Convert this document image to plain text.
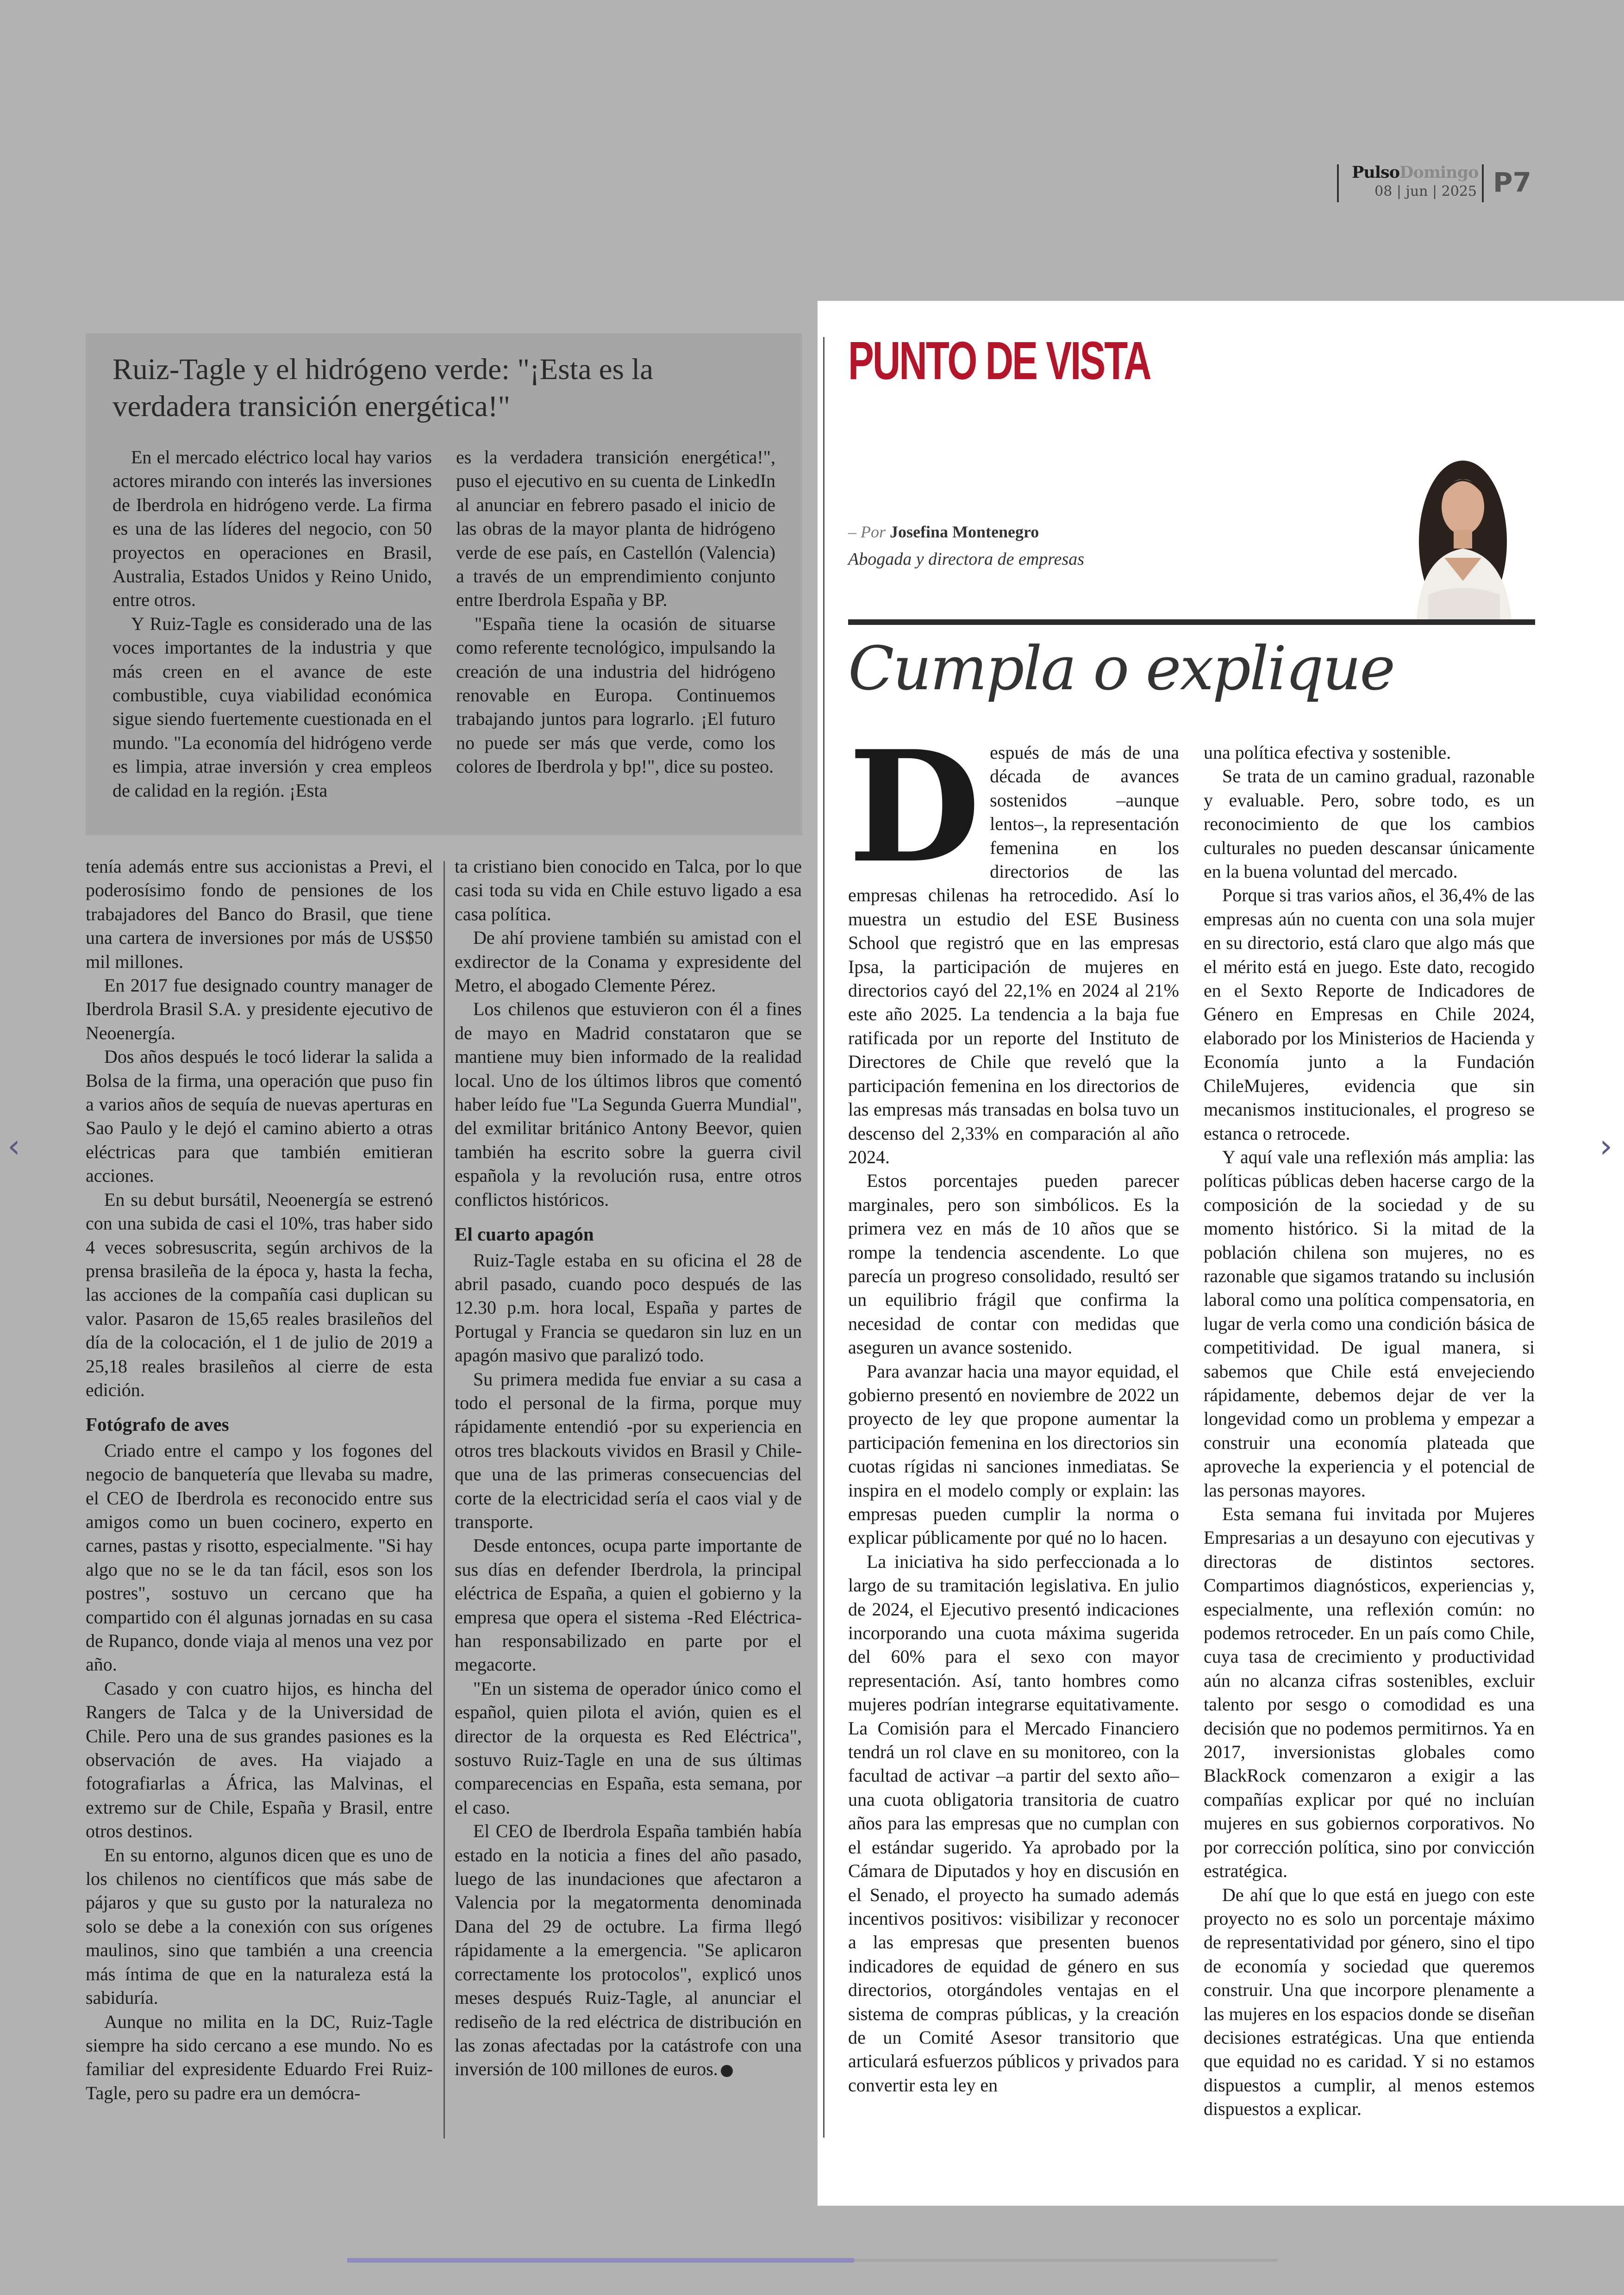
PulsoDomingo
08 | jun | 2025 P7
Ruiz-Tagle y el hidrógeno verde: "¡Esta es la verdadera transición energética!"

En el mercado eléctrico local hay varios actores mirando con interés las inversiones de Iberdrola en hidrógeno verde. La firma es una de las líderes del negocio, con 50 proyectos en operaciones en Brasil, Australia, Estados Unidos y Reino Unido, entre otros.

Y Ruiz-Tagle es considerado una de las voces importantes de la industria y que más creen en el avance de este combustible, cuya viabilidad económica sigue siendo fuertemente cuestionada en el mundo. "La economía del hidrógeno verde es limpia, atrae inversión y crea empleos de calidad en la región. ¡Esta

es la verdadera transición energética!", puso el ejecutivo en su cuenta de LinkedIn al anunciar en febrero pasado el inicio de las obras de la mayor planta de hidrógeno verde de ese país, en Castellón (Valencia) a través de un emprendimiento conjunto entre Iberdrola España y BP.

"España tiene la ocasión de situarse como referente tecnológico, impulsando la creación de una industria del hidrógeno renovable en Europa. Continuemos trabajando juntos para lograrlo. ¡El futuro no puede ser más que verde, como los colores de Iberdrola y bp!", dice su posteo.

tenía además entre sus accionistas a Previ, el poderosísimo fondo de pensiones de los trabajadores del Banco do Brasil, que tiene una cartera de inversiones por más de US$50 mil millones.

En 2017 fue designado country manager de Iberdrola Brasil S.A. y presidente ejecutivo de Neoenergía.

Dos años después le tocó liderar la salida a Bolsa de la firma, una operación que puso fin a varios años de sequía de nuevas aperturas en Sao Paulo y le dejó el camino abierto a otras eléctricas para que también emitieran acciones.

En su debut bursátil, Neoenergía se estrenó con una subida de casi el 10%, tras haber sido 4 veces sobresuscrita, según archivos de la prensa brasileña de la época y, hasta la fecha, las acciones de la compañía casi duplican su valor. Pasaron de 15,65 reales brasileños del día de la colocación, el 1 de julio de 2019 a 25,18 reales brasileños al cierre de esta edición.

Fotógrafo de aves

Criado entre el campo y los fogones del negocio de banquetería que llevaba su madre, el CEO de Iberdrola es reconocido entre sus amigos como un buen cocinero, experto en carnes, pastas y risotto, especialmente. "Si hay algo que no se le da tan fácil, esos son los postres", sostuvo un cercano que ha compartido con él algunas jornadas en su casa de Rupanco, donde viaja al menos una vez por año.

Casado y con cuatro hijos, es hincha del Rangers de Talca y de la Universidad de Chile. Pero una de sus grandes pasiones es la observación de aves. Ha viajado a fotografiarlas a África, las Malvinas, el extremo sur de Chile, España y Brasil, entre otros destinos.

En su entorno, algunos dicen que es uno de los chilenos no científicos que más sabe de pájaros y que su gusto por la naturaleza no solo se debe a la conexión con sus orígenes maulinos, sino que también a una creencia más íntima de que en la naturaleza está la sabiduría.

Aunque no milita en la DC, Ruiz-Tagle siempre ha sido cercano a ese mundo. No es familiar del expresidente Eduardo Frei Ruiz-Tagle, pero su padre era un demócra-

ta cristiano bien conocido en Talca, por lo que casi toda su vida en Chile estuvo ligado a esa casa política.

De ahí proviene también su amistad con el exdirector de la Conama y expresidente del Metro, el abogado Clemente Pérez.

Los chilenos que estuvieron con él a fines de mayo en Madrid constataron que se mantiene muy bien informado de la realidad local. Uno de los últimos libros que comentó haber leído fue "La Segunda Guerra Mundial", del exmilitar británico Antony Beevor, quien también ha escrito sobre la guerra civil española y la revolución rusa, entre otros conflictos históricos.

El cuarto apagón

Ruiz-Tagle estaba en su oficina el 28 de abril pasado, cuando poco después de las 12.30 p.m. hora local, España y partes de Portugal y Francia se quedaron sin luz en un apagón masivo que paralizó todo.

Su primera medida fue enviar a su casa a todo el personal de la firma, porque muy rápidamente entendió -por su experiencia en otros tres blackouts vividos en Brasil y Chile- que una de las primeras consecuencias del corte de la electricidad sería el caos vial y de transporte.

Desde entonces, ocupa parte importante de sus días en defender Iberdrola, la principal eléctrica de España, a quien el gobierno y la empresa que opera el sistema -Red Eléctrica- han responsabilizado en parte por el megacorte.

"En un sistema de operador único como el español, quien pilota el avión, quien es el director de la orquesta es Red Eléctrica", sostuvo Ruiz-Tagle en una de sus últimas comparecencias en España, esta semana, por el caso.

El CEO de Iberdrola España también había estado en la noticia a fines del año pasado, luego de las inundaciones que afectaron a Valencia por la megatormenta denominada Dana del 29 de octubre. La firma llegó rápidamente a la emergencia. "Se aplicaron correctamente los protocolos", explicó unos meses después Ruiz-Tagle, al anunciar el rediseño de la red eléctrica de distribución en las zonas afectadas por la catástrofe con una inversión de 100 millones de euros.

PUNTO DE VISTA
– Por Josefina Montenegro
Abogada y directora de empresas
Cumpla o explique

Después de más de una década de avances sostenidos –aunque lentos–, la representación femenina en los directorios de las empresas chilenas ha retrocedido. Así lo muestra un estudio del ESE Business School que registró que en las empresas Ipsa, la participación de mujeres en directorios cayó del 22,1% en 2024 al 21% este año 2025. La tendencia a la baja fue ratificada por un reporte del Instituto de Directores de Chile que reveló que la participación femenina en los directorios de las empresas más transadas en bolsa tuvo un descenso del 2,33% en comparación al año 2024.

Estos porcentajes pueden parecer marginales, pero son simbólicos. Es la primera vez en más de 10 años que se rompe la tendencia ascendente. Lo que parecía un progreso consolidado, resultó ser un equilibrio frágil que confirma la necesidad de contar con medidas que aseguren un avance sostenido.

Para avanzar hacia una mayor equidad, el gobierno presentó en noviembre de 2022 un proyecto de ley que propone aumentar la participación femenina en los directorios sin cuotas rígidas ni sanciones inmediatas. Se inspira en el modelo comply or explain: las empresas pueden cumplir la norma o explicar públicamente por qué no lo hacen.

La iniciativa ha sido perfeccionada a lo largo de su tramitación legislativa. En julio de 2024, el Ejecutivo presentó indicaciones incorporando una cuota máxima sugerida del 60% para el sexo con mayor representación. Así, tanto hombres como mujeres podrían integrarse equitativamente. La Comisión para el Mercado Financiero tendrá un rol clave en su monitoreo, con la facultad de activar –a partir del sexto año– una cuota obligatoria transitoria de cuatro años para las empresas que no cumplan con el estándar sugerido. Ya aprobado por la Cámara de Diputados y hoy en discusión en el Senado, el proyecto ha sumado además incentivos positivos: visibilizar y reconocer a las empresas que presenten buenos indicadores de equidad de género en sus directorios, otorgándoles ventajas en el sistema de compras públicas, y la creación de un Comité Asesor transitorio que articulará esfuerzos públicos y privados para convertir esta ley en

una política efectiva y sostenible.

Se trata de un camino gradual, razonable y evaluable. Pero, sobre todo, es un reconocimiento de que los cambios culturales no pueden descansar únicamente en la buena voluntad del mercado.

Porque si tras varios años, el 36,4% de las empresas aún no cuenta con una sola mujer en su directorio, está claro que algo más que el mérito está en juego. Este dato, recogido en el Sexto Reporte de Indicadores de Género en Empresas en Chile 2024, elaborado por los Ministerios de Hacienda y Economía junto a la Fundación ChileMujeres, evidencia que sin mecanismos institucionales, el progreso se estanca o retrocede.

Y aquí vale una reflexión más amplia: las políticas públicas deben hacerse cargo de la composición de la sociedad y de su momento histórico. Si la mitad de la población chilena son mujeres, no es razonable que sigamos tratando su inclusión laboral como una política compensatoria, en lugar de verla como una condición básica de competitividad. De igual manera, si sabemos que Chile está envejeciendo rápidamente, debemos dejar de ver la longevidad como un problema y empezar a construir una economía plateada que aproveche la experiencia y el potencial de las personas mayores.

Esta semana fui invitada por Mujeres Empresarias a un desayuno con ejecutivas y directoras de distintos sectores. Compartimos diagnósticos, experiencias y, especialmente, una reflexión común: no podemos retroceder. En un país como Chile, cuya tasa de crecimiento y productividad aún no alcanza cifras sostenibles, excluir talento por sesgo o comodidad es una decisión que no podemos permitirnos. Ya en 2017, inversionistas globales como BlackRock comenzaron a exigir a las compañías explicar por qué no incluían mujeres en sus gobiernos corporativos. No por corrección política, sino por convicción estratégica.

De ahí que lo que está en juego con este proyecto no es solo un porcentaje máximo de representatividad por género, sino el tipo de economía y sociedad que queremos construir. Una que incorpore plenamente a las mujeres en los espacios donde se diseñan decisiones estratégicas. Una que entienda que equidad no es caridad. Y si no estamos dispuestos a cumplir, al menos estemos dispuestos a explicar.

‹	›
